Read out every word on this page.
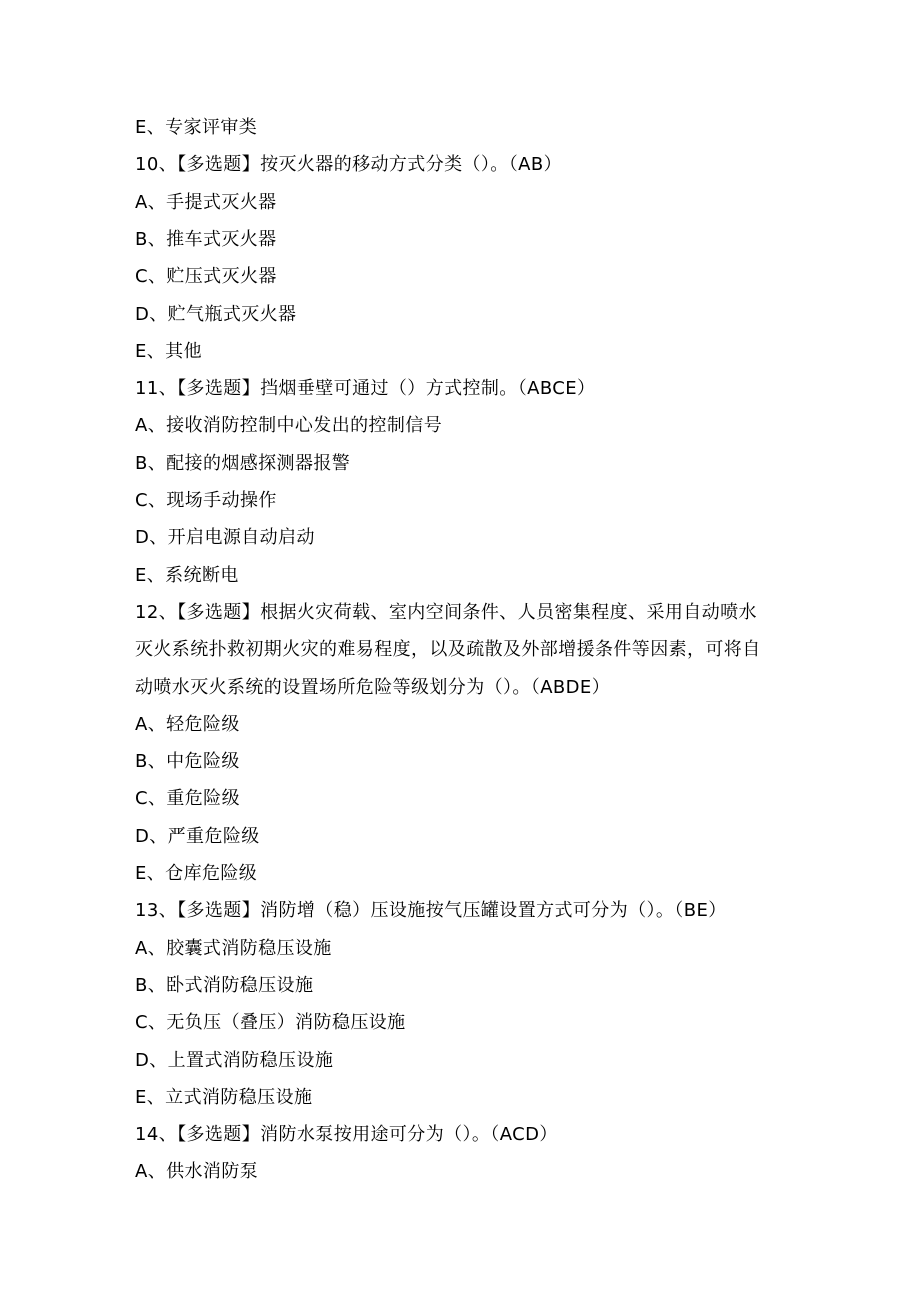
E、专家评审类
10、【多选题】按灭火器的移动方式分类（）。（AB）
A、手提式灭火器
B、推车式灭火器
C、贮压式灭火器
D、贮气瓶式灭火器
E、其他
11、【多选题】挡烟垂壁可通过（）方式控制。（ABCE）
A、接收消防控制中心发出的控制信号
B、配接的烟感探测器报警
C、现场手动操作
D、开启电源自动启动
E、系统断电
12、【多选题】根据火灾荷载、室内空间条件、人员密集程度、采用自动喷水
灭火系统扑救初期火灾的难易程度，以及疏散及外部增援条件等因素，可将自
动喷水灭火系统的设置场所危险等级划分为（）。（ABDE）
A、轻危险级
B、中危险级
C、重危险级
D、严重危险级
E、仓库危险级
13、【多选题】消防增（稳）压设施按气压罐设置方式可分为（）。（BE）
A、胶囊式消防稳压设施
B、卧式消防稳压设施
C、无负压（叠压）消防稳压设施
D、上置式消防稳压设施
E、立式消防稳压设施
14、【多选题】消防水泵按用途可分为（）。（ACD）
A、供水消防泵
